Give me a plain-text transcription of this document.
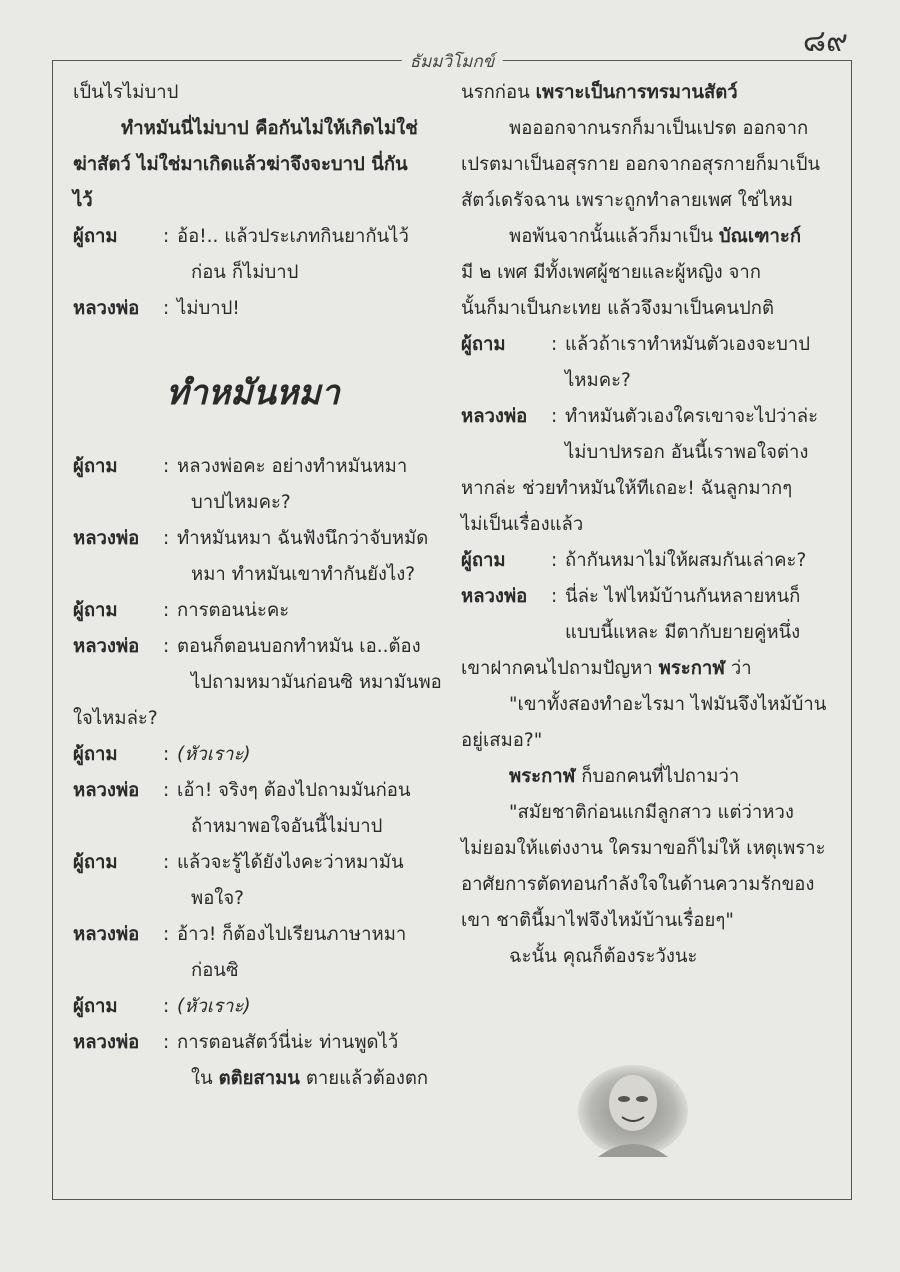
๘๙
ธัมมวิโมกข์
เป็นไรไม่บาป
ทำหมันนี่ไม่บาป คือกันไม่ให้เกิดไม่ใช่
ฆ่าสัตว์ ไม่ใช่มาเกิดแล้วฆ่าจึงจะบาป นี่กัน
ไว้
ผู้ถาม	: อ้อ!.. แล้วประเภทกินยากันไว้
ก่อน ก็ไม่บาป
หลวงพ่อ	: ไม่บาป!
ทำหมันหมา
ผู้ถาม	: หลวงพ่อคะ อย่างทำหมันหมา
บาปไหมคะ?
หลวงพ่อ	: ทำหมันหมา ฉันฟังนึกว่าจับหมัด
หมา ทำหมันเขาทำกันยังไง?
ผู้ถาม	: การตอนน่ะคะ
หลวงพ่อ	: ตอนก็ตอนบอกทำหมัน เอ..ต้อง
ไปถามหมามันก่อนซิ หมามันพอ
ใจไหมล่ะ?
ผู้ถาม	: (หัวเราะ)
หลวงพ่อ	: เอ้า! จริงๆ ต้องไปถามมันก่อน
ถ้าหมาพอใจอันนี้ไม่บาป
ผู้ถาม	: แล้วจะรู้ได้ยังไงคะว่าหมามัน
พอใจ?
หลวงพ่อ	: อ้าว! ก็ต้องไปเรียนภาษาหมา
ก่อนซิ
ผู้ถาม	: (หัวเราะ)
หลวงพ่อ	: การตอนสัตว์นี่น่ะ ท่านพูดไว้
ใน ตติยสามน ตายแล้วต้องตก
นรกก่อน เพราะเป็นการทรมานสัตว์
พอออกจากนรกก็มาเป็นเปรต ออกจาก
เปรตมาเป็นอสุรกาย ออกจากอสุรกายก็มาเป็น
สัตว์เดรัจฉาน เพราะถูกทำลายเพศ ใช่ไหม
พอพ้นจากนั้นแล้วก็มาเป็น บัณเฑาะก์
มี ๒ เพศ มีทั้งเพศผู้ชายและผู้หญิง จาก
นั้นก็มาเป็นกะเทย แล้วจึงมาเป็นคนปกติ
ผู้ถาม	: แล้วถ้าเราทำหมันตัวเองจะบาป
ไหมคะ?
หลวงพ่อ	: ทำหมันตัวเองใครเขาจะไปว่าล่ะ
ไม่บาปหรอก อันนี้เราพอใจต่าง
หากล่ะ ช่วยทำหมันให้ทีเถอะ! ฉันลูกมากๆ
ไม่เป็นเรื่องแล้ว
ผู้ถาม	: ถ้ากันหมาไม่ให้ผสมกันเล่าคะ?
หลวงพ่อ	: นี่ล่ะ ไฟไหม้บ้านกันหลายหนก็
แบบนี้แหละ มีตากับยายคู่หนึ่ง
เขาฝากคนไปถามปัญหา พระกาฬ ว่า
"เขาทั้งสองทำอะไรมา ไฟมันจึงไหม้บ้าน
อยู่เสมอ?"
พระกาฬ ก็บอกคนที่ไปถามว่า
"สมัยชาติก่อนแกมีลูกสาว แต่ว่าหวง
ไม่ยอมให้แต่งงาน ใครมาขอก็ไม่ให้ เหตุเพราะ
อาศัยการตัดทอนกำลังใจในด้านความรักของ
เขา ชาตินี้มาไฟจึงไหม้บ้านเรื่อยๆ"
ฉะนั้น คุณก็ต้องระวังนะ
